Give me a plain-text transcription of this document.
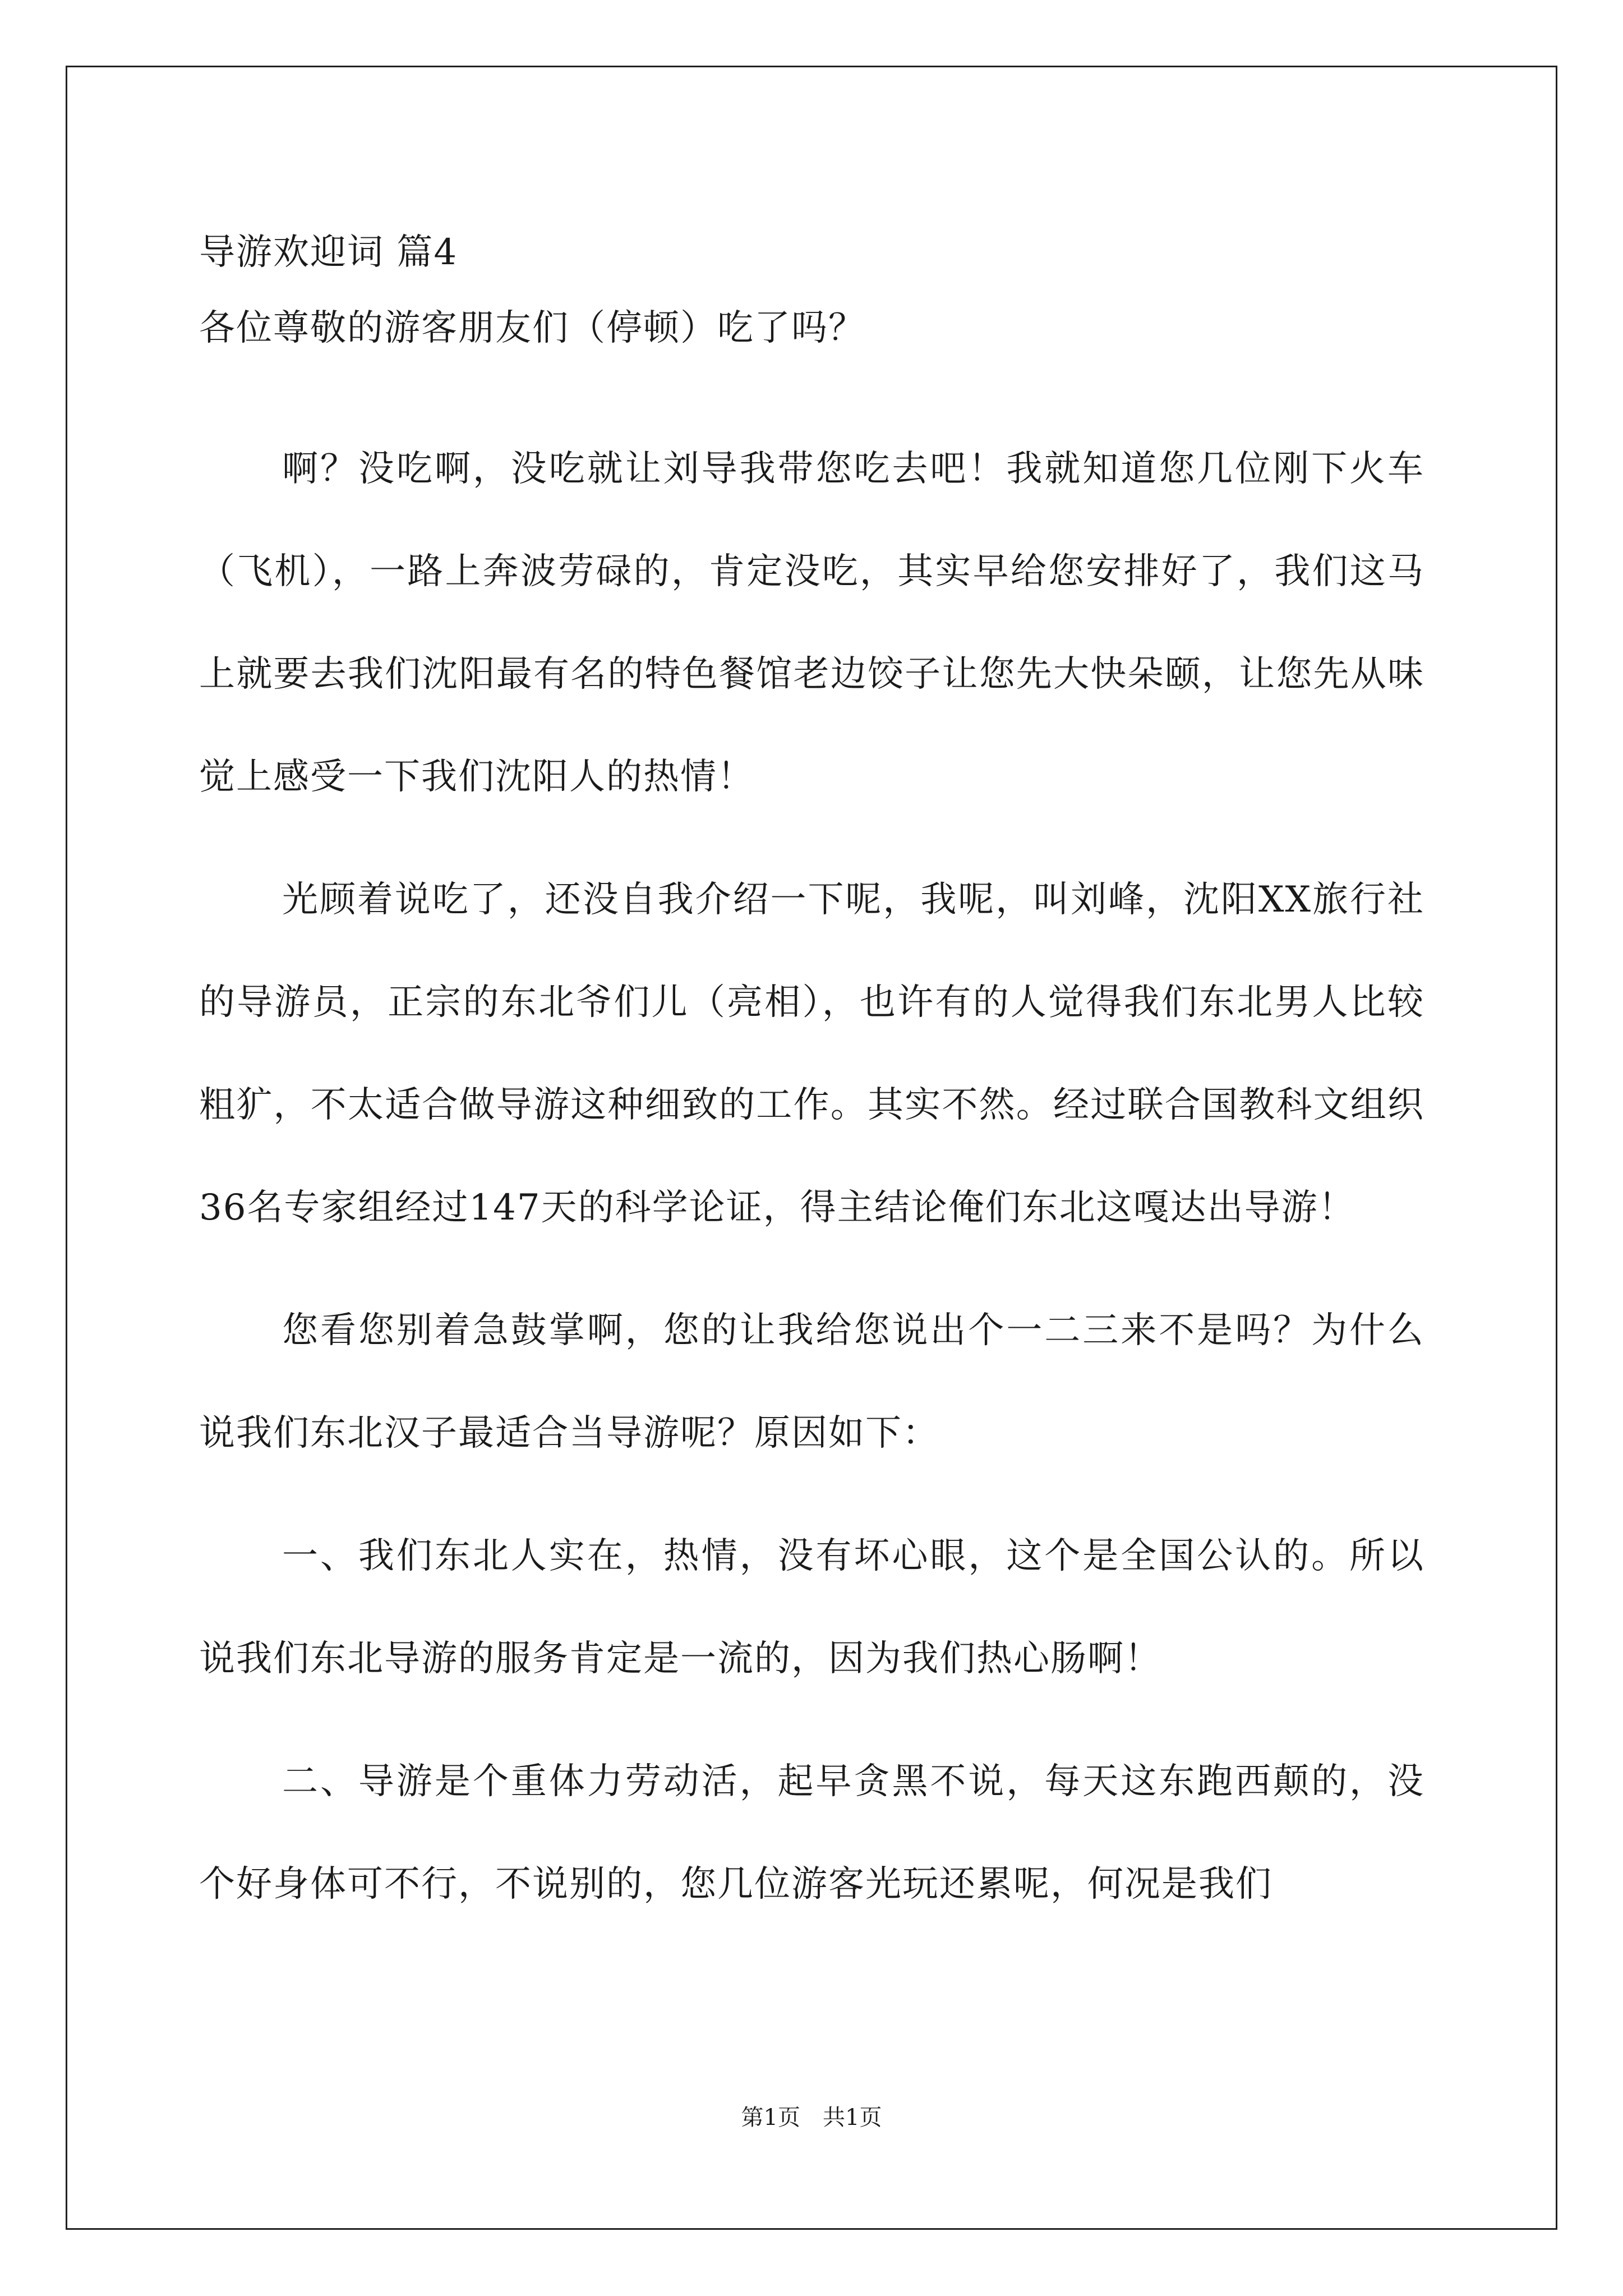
导游欢迎词 篇4
各位尊敬的游客朋友们（停顿）吃了吗？

啊？没吃啊，没吃就让刘导我带您吃去吧！我就知道您几位刚下火车（飞机），一路上奔波劳碌的，肯定没吃，其实早给您安排好了，我们这马上就要去我们沈阳最有名的特色餐馆老边饺子让您先大快朵颐，让您先从味觉上感受一下我们沈阳人的热情！

光顾着说吃了，还没自我介绍一下呢，我呢，叫刘峰，沈阳XX旅行社的导游员，正宗的东北爷们儿（亮相），也许有的人觉得我们东北男人比较粗犷，不太适合做导游这种细致的工作。其实不然。经过联合国教科文组织36名专家组经过147天的科学论证，得主结论俺们东北这嘎达出导游！

您看您别着急鼓掌啊，您的让我给您说出个一二三来不是吗？为什么说我们东北汉子最适合当导游呢？原因如下：

一、我们东北人实在，热情，没有坏心眼，这个是全国公认的。所以说我们东北导游的服务肯定是一流的，因为我们热心肠啊！

二、导游是个重体力劳动活，起早贪黑不说，每天这东跑西颠的，没个好身体可不行，不说别的，您几位游客光玩还累呢，何况是我们

第1页　共1页
